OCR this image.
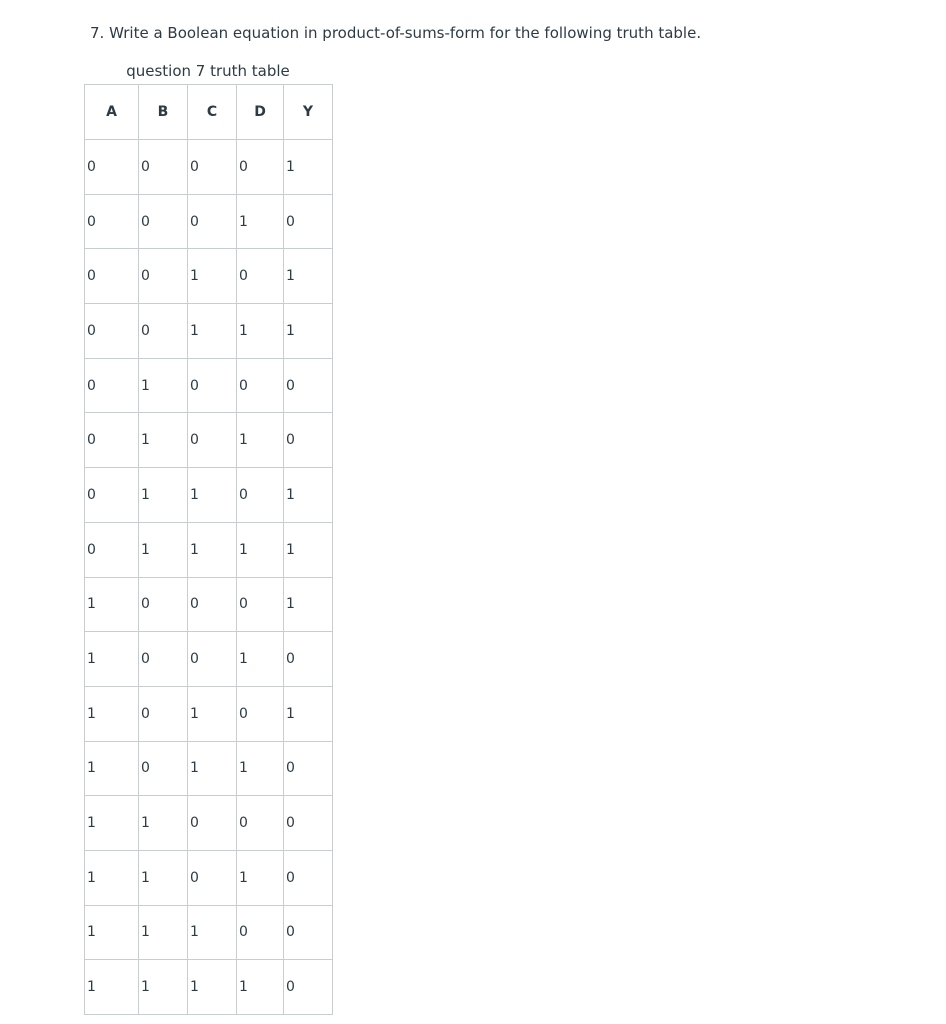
7. Write a Boolean equation in product-of-sums-form for the following truth table.
question 7 truth table
A	B	C	D	Y
0	0	0	0	1
0	0	0	1	0
0	0	1	0	1
0	0	1	1	1
0	1	0	0	0
0	1	0	1	0
0	1	1	0	1
0	1	1	1	1
1	0	0	0	1
1	0	0	1	0
1	0	1	0	1
1	0	1	1	0
1	1	0	0	0
1	1	0	1	0
1	1	1	0	0
1	1	1	1	0
